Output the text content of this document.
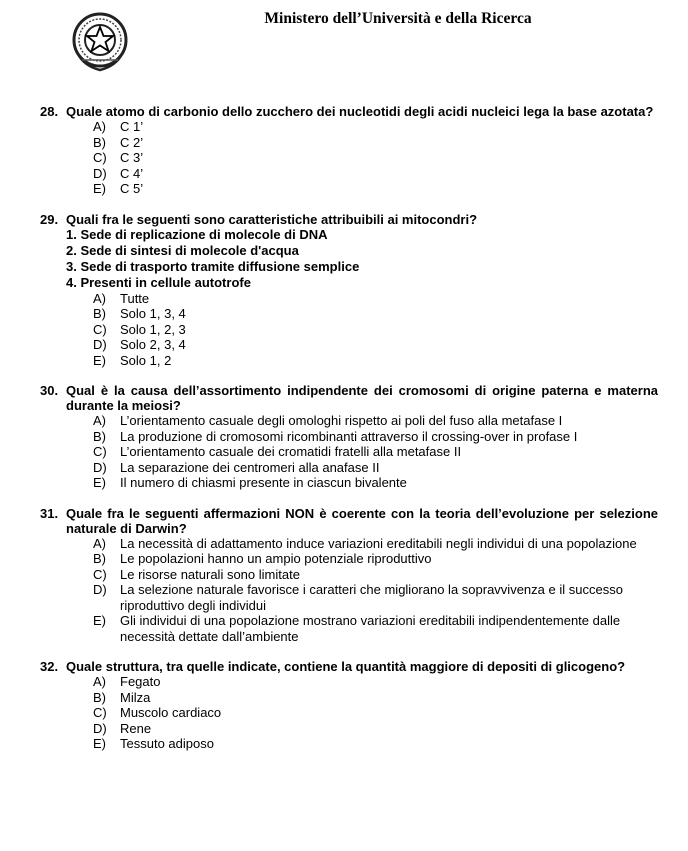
Ministero dell’Università e della Ricerca
28. Quale atomo di carbonio dello zucchero dei nucleotidi degli acidi nucleici lega la base azotata?
A)	C 1’
B)	C 2’
C)	C 3’
D)	C 4’
E)	C 5’
29. Quali fra le seguenti sono caratteristiche attribuibili ai mitocondri?
1. Sede di replicazione di molecole di DNA
2. Sede di sintesi di molecole d'acqua
3. Sede di trasporto tramite diffusione semplice
4. Presenti in cellule autotrofe
A)	Tutte
B)	Solo 1, 3, 4
C)	Solo 1, 2, 3
D)	Solo 2, 3, 4
E)	Solo 1, 2
30. Qual è la causa dell’assortimento indipendente dei cromosomi di origine paterna e materna durante la meiosi?
A)	L’orientamento casuale degli omologhi rispetto ai poli del fuso alla metafase I
B)	La produzione di cromosomi ricombinanti attraverso il crossing-over in profase I
C)	L’orientamento casuale dei cromatidi fratelli alla metafase II
D)	La separazione dei centromeri alla anafase II
E)	Il numero di chiasmi presente in ciascun bivalente
31. Quale fra le seguenti affermazioni NON è coerente con la teoria dell’evoluzione per selezione naturale di Darwin?
A)	La necessità di adattamento induce variazioni ereditabili negli individui di una popolazione
B)	Le popolazioni hanno un ampio potenziale riproduttivo
C)	Le risorse naturali sono limitate
D)	La selezione naturale favorisce i caratteri che migliorano la sopravvivenza e il successo riproduttivo degli individui
E)	Gli individui di una popolazione mostrano variazioni ereditabili indipendentemente dalle necessità dettate dall’ambiente
32. Quale struttura, tra quelle indicate, contiene la quantità maggiore di depositi di glicogeno?
A)	Fegato
B)	Milza
C)	Muscolo cardiaco
D)	Rene
E)	Tessuto adiposo
